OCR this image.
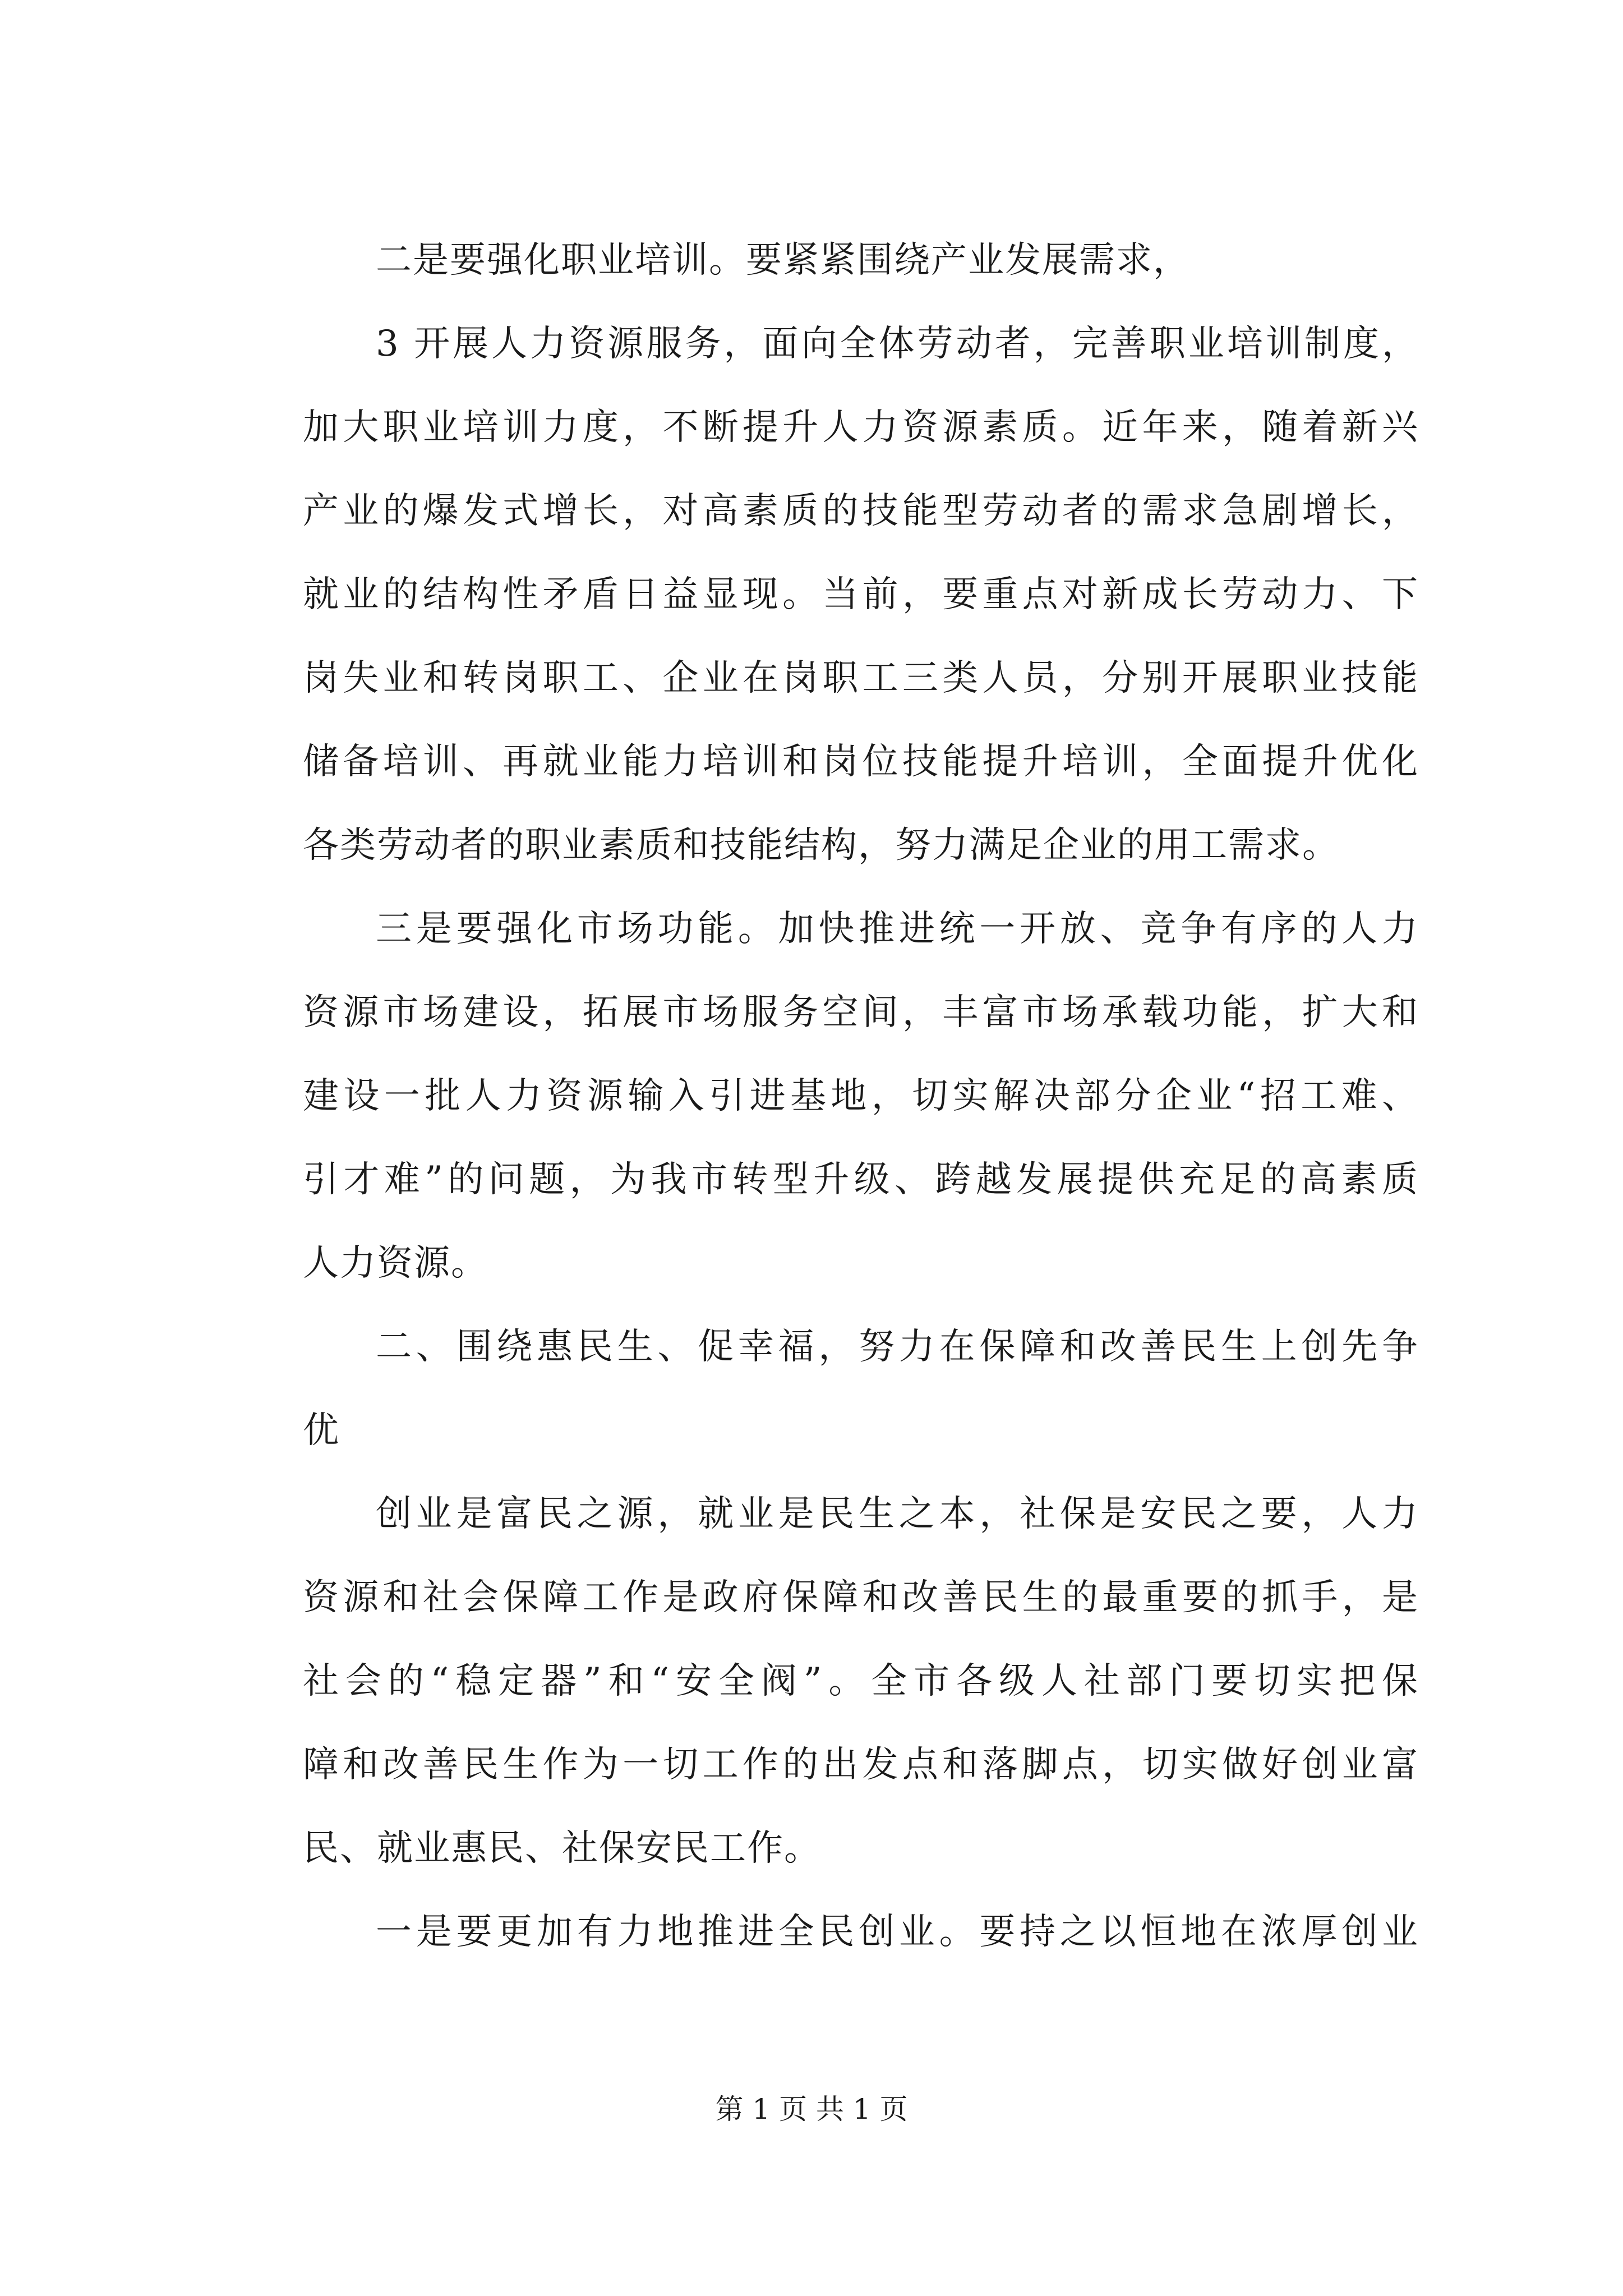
二是要强化职业培训。要紧紧围绕产业发展需求，
3 开展人力资源服务，面向全体劳动者，完善职业培训制度，
加大职业培训力度，不断提升人力资源素质。近年来，随着新兴
产业的爆发式增长，对高素质的技能型劳动者的需求急剧增长，
就业的结构性矛盾日益显现。当前，要重点对新成长劳动力、下
岗失业和转岗职工、企业在岗职工三类人员，分别开展职业技能
储备培训、再就业能力培训和岗位技能提升培训，全面提升优化
各类劳动者的职业素质和技能结构，努力满足企业的用工需求。
三是要强化市场功能。加快推进统一开放、竞争有序的人力
资源市场建设，拓展市场服务空间，丰富市场承载功能，扩大和
建设一批人力资源输入引进基地，切实解决部分企业“招工难、
引才难”的问题，为我市转型升级、跨越发展提供充足的高素质
人力资源。
二、围绕惠民生、促幸福，努力在保障和改善民生上创先争
优
创业是富民之源，就业是民生之本，社保是安民之要，人力
资源和社会保障工作是政府保障和改善民生的最重要的抓手，是
社会的“稳定器”和“安全阀”。全市各级人社部门要切实把保
障和改善民生作为一切工作的出发点和落脚点，切实做好创业富
民、就业惠民、社保安民工作。
一是要更加有力地推进全民创业。要持之以恒地在浓厚创业
第 1 页 共 1 页
